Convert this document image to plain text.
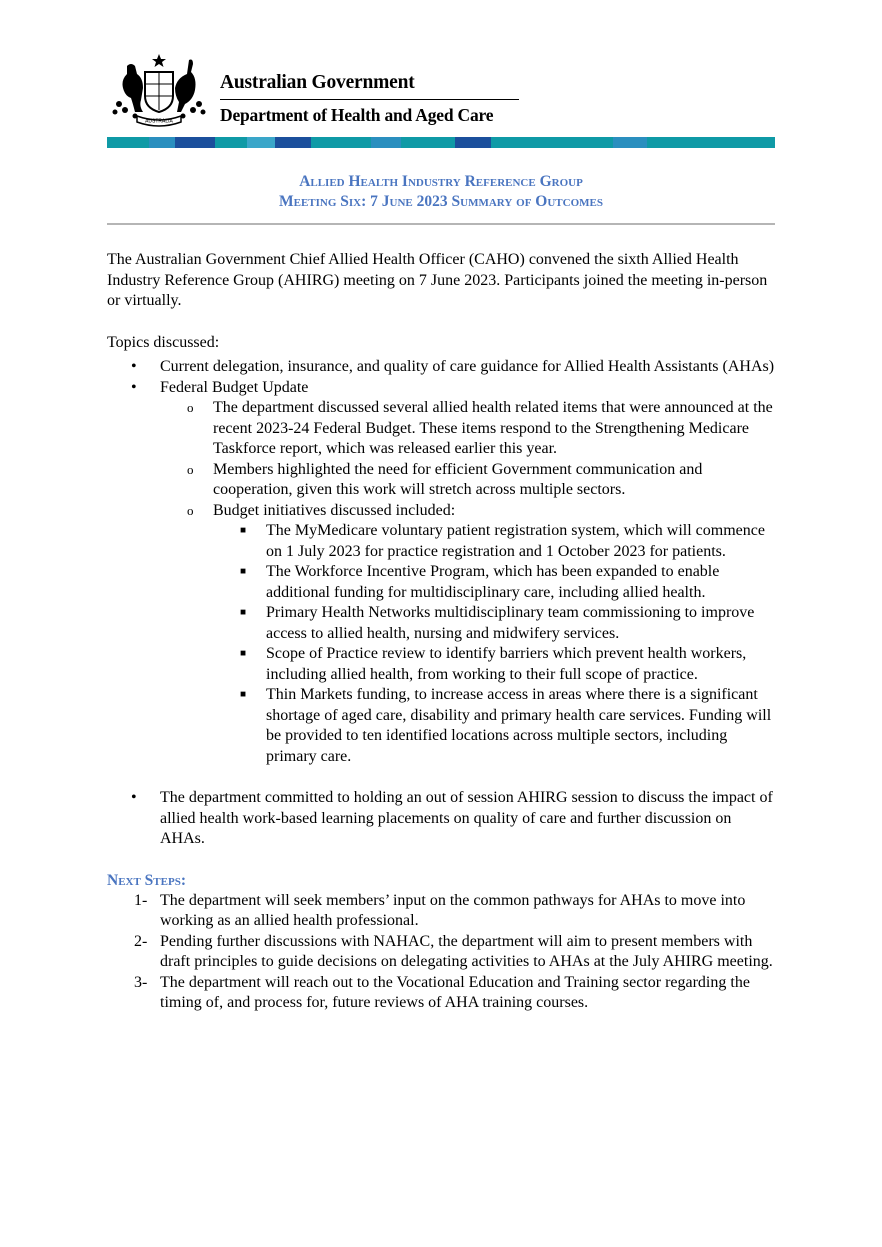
AUSTRALIA
Australian Government
Department of Health and Aged Care
Allied Health Industry Reference Group
Meeting Six: 7 June 2023 Summary of Outcomes

The Australian Government Chief Allied Health Officer (CAHO) convened the sixth Allied Health Industry Reference Group (AHIRG) meeting on 7 June 2023. Participants joined the meeting in-person or virtually.

Topics discussed:

• Current delegation, insurance, and quality of care guidance for Allied Health Assistants (AHAs)
• Federal Budget Update
o The department discussed several allied health related items that were announced at the recent 2023-24 Federal Budget. These items respond to the Strengthening Medicare Taskforce report, which was released earlier this year.
o Members highlighted the need for efficient Government communication and cooperation, given this work will stretch across multiple sectors.
o Budget initiatives discussed included:
■ The MyMedicare voluntary patient registration system, which will commence on 1 July 2023 for practice registration and 1 October 2023 for patients.
■ The Workforce Incentive Program, which has been expanded to enable additional funding for multidisciplinary care, including allied health.
■ Primary Health Networks multidisciplinary team commissioning to improve access to allied health, nursing and midwifery services.
■ Scope of Practice review to identify barriers which prevent health workers, including allied health, from working to their full scope of practice.
■ Thin Markets funding, to increase access in areas where there is a significant shortage of aged care, disability and primary health care services. Funding will be provided to ten identified locations across multiple sectors, including primary care.
• The department committed to holding an out of session AHIRG session to discuss the impact of allied health work-based learning placements on quality of care and further discussion on AHAs.
Next Steps:
1- The department will seek members’ input on the common pathways for AHAs to move into working as an allied health professional.
2- Pending further discussions with NAHAC, the department will aim to present members with draft principles to guide decisions on delegating activities to AHAs at the July AHIRG meeting.
3- The department will reach out to the Vocational Education and Training sector regarding the timing of, and process for, future reviews of AHA training courses.
